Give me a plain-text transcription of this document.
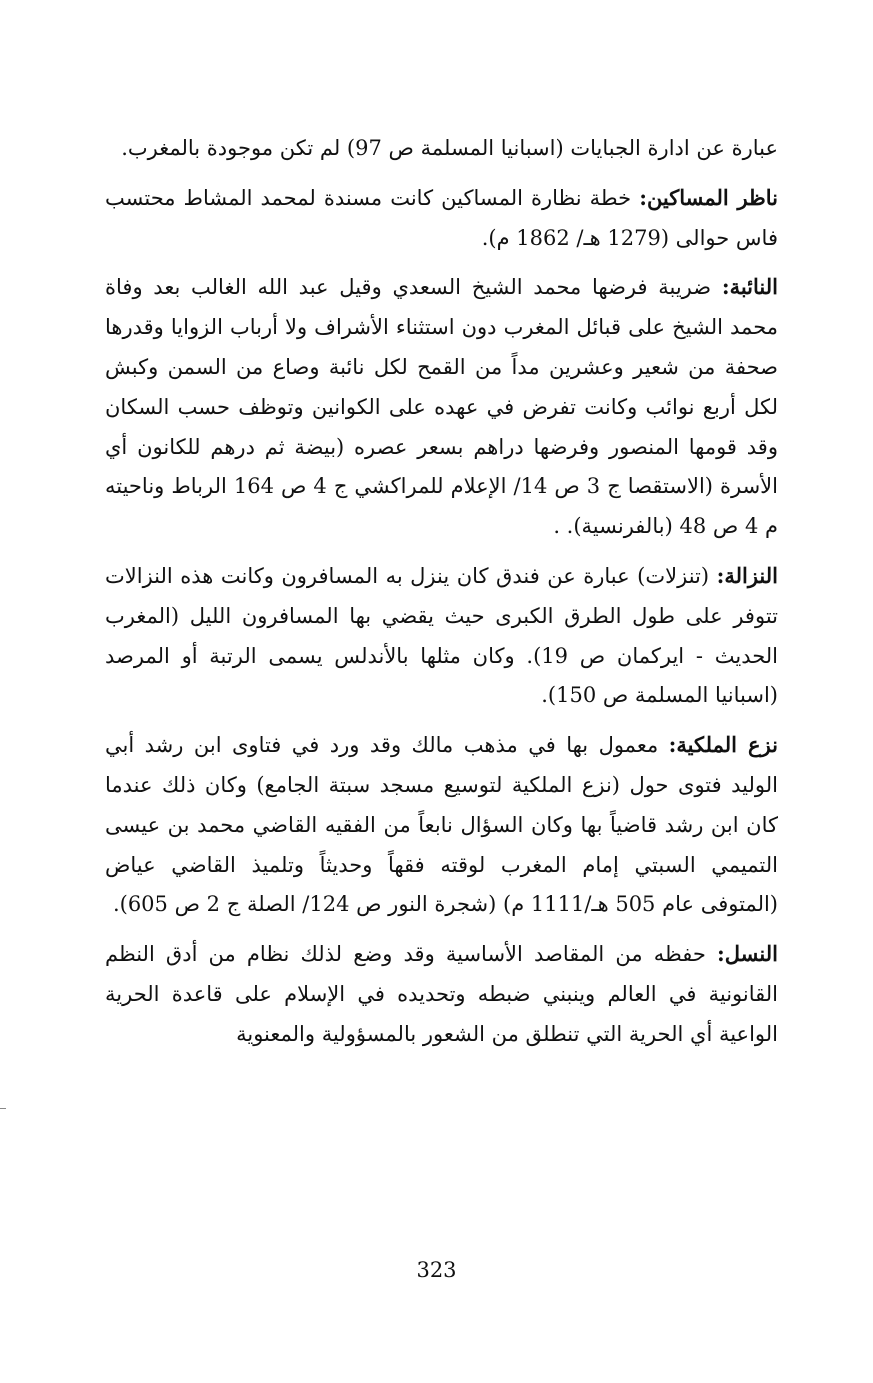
عبارة عن ادارة الجبايات (اسبانيا المسلمة ص 97) لم تكن موجودة بالمغرب.

ناظر المساكين: خطة نظارة المساكين كانت مسندة لمحمد المشاط محتسب فاس حوالى (1279 هـ/ 1862 م).

النائبة: ضريبة فرضها محمد الشيخ السعدي وقيل عبد الله الغالب بعد وفاة محمد الشيخ على قبائل المغرب دون استثناء الأشراف ولا أرباب الزوايا وقدرها صحفة من شعير وعشرين مداً من القمح لكل نائبة وصاع من السمن وكبش لكل أربع نوائب وكانت تفرض في عهده على الكوانين وتوظف حسب السكان وقد قومها المنصور وفرضها دراهم بسعر عصره (بيضة ثم درهم للكانون أي الأسرة (الاستقصا ج 3 ص 14/ الإعلام للمراكشي ج 4 ص 164 الرباط وناحيته م 4 ص 48 (بالفرنسية). .

النزالة: (تنزلات) عبارة عن فندق كان ينزل به المسافرون وكانت هذه النزالات تتوفر على طول الطرق الكبرى حيث يقضي بها المسافرون الليل (المغرب الحديث - ايركمان ص 19). وكان مثلها بالأندلس يسمى الرتبة أو المرصد (اسبانيا المسلمة ص 150).

نزع الملكية: معمول بها في مذهب مالك وقد ورد في فتاوى ابن رشد أبي الوليد فتوى حول (نزع الملكية لتوسيع مسجد سبتة الجامع) وكان ذلك عندما كان ابن رشد قاضياً بها وكان السؤال نابعاً من الفقيه القاضي محمد بن عيسى التميمي السبتي إمام المغرب لوقته فقهاً وحديثاً وتلميذ القاضي عياض (المتوفى عام 505 هـ/1111 م) (شجرة النور ص 124/ الصلة ج 2 ص 605).

النسل: حفظه من المقاصد الأساسية وقد وضع لذلك نظام من أدق النظم القانونية في العالم وينبني ضبطه وتحديده في الإسلام على قاعدة الحرية الواعية أي الحرية التي تنطلق من الشعور بالمسؤولية والمعنوية

323
